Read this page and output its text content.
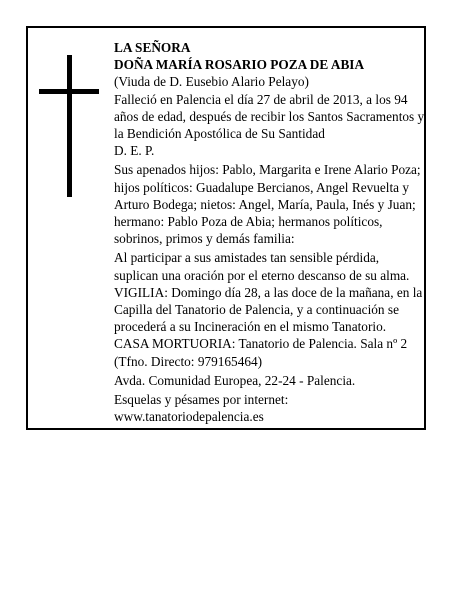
LA SEÑORA

DOÑA MARÍA ROSARIO POZA DE ABIA

(Viuda de D. Eusebio Alario Pelayo)

Falleció en Palencia el día 27 de abril de 2013, a los 94 años de edad, después de recibir los Santos Sacramentos y la Bendición Apostólica de Su Santidad

D. E. P.

Sus apenados hijos: Pablo, Margarita e Irene Alario Poza; hijos políticos: Guadalupe Bercianos, Angel Revuelta y Arturo Bodega; nietos: Angel, María, Paula, Inés y Juan; hermano: Pablo Poza de Abia; hermanos políticos, sobrinos, primos y demás familia:

Al participar a sus amistades tan sensible pérdida, suplican una oración por el eterno descanso de su alma.

VIGILIA: Domingo día 28, a las doce de la mañana, en la Capilla del Tanatorio de Palencia, y a continuación se procederá a su Incineración en el mismo Tanatorio.

CASA MORTUORIA: Tanatorio de Palencia. Sala nº 2 (Tfno. Directo: 979165464)

Avda. Comunidad Europea, 22-24 - Palencia.

Esquelas y pésames por internet:

www.tanatoriodepalencia.es
